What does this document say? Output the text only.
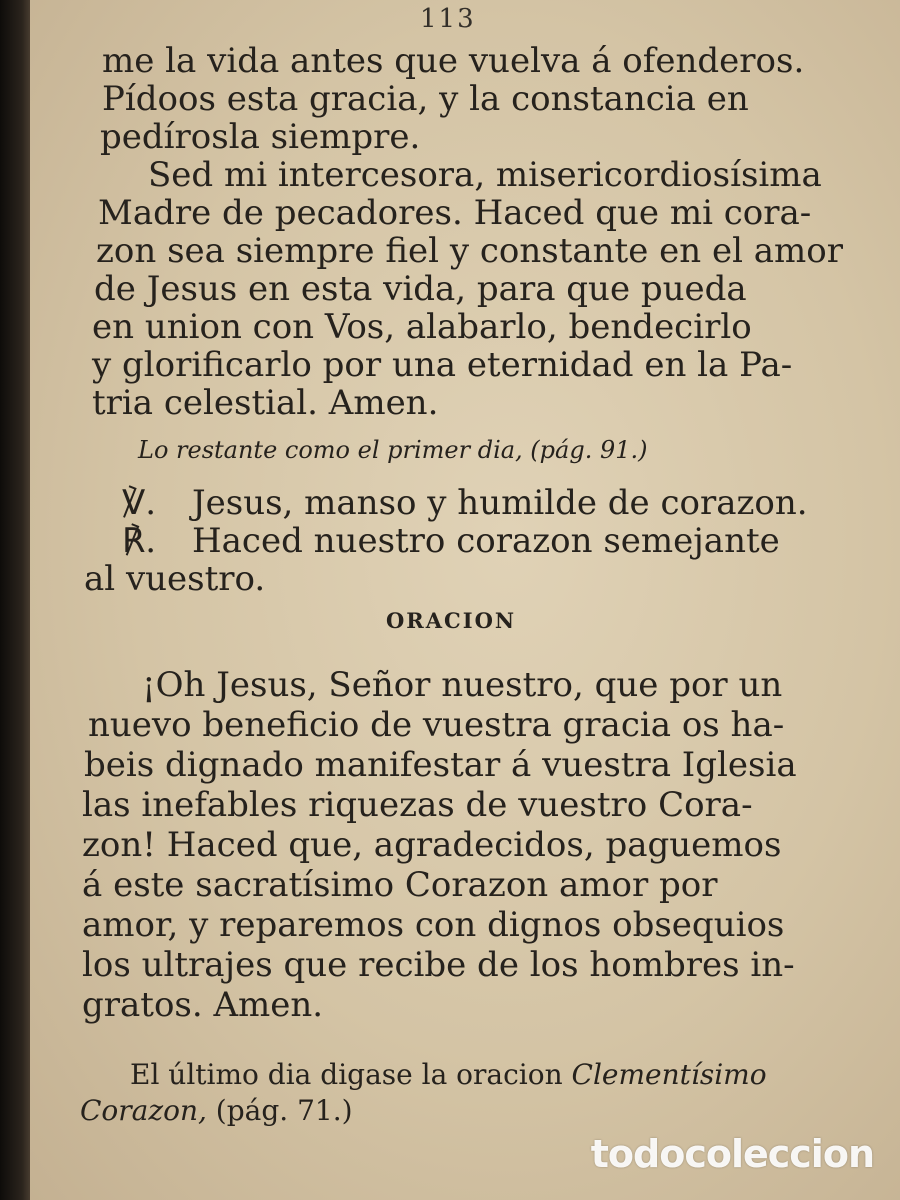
113
me la vida antes que vuelva á ofenderos.
Pídoos esta gracia, y la constancia en
pedírosla siempre.
Sed mi intercesora, misericordiosísima
Madre de pecadores. Haced que mi cora-
zon sea siempre fiel y constante en el amor
de Jesus en esta vida, para que pueda
en union con Vos, alabarlo, bendecirlo
y glorificarlo por una eternidad en la Pa-
tria celestial. Amen.
Lo restante como el primer dia, (pág. 91.)
℣. Jesus, manso y humilde de corazon.
℟. Haced nuestro corazon semejante
al vuestro.
ORACION
¡Oh Jesus, Señor nuestro, que por un
nuevo beneficio de vuestra gracia os ha-
beis dignado manifestar á vuestra Iglesia
las inefables riquezas de vuestro Cora-
zon! Haced que, agradecidos, paguemos
á este sacratísimo Corazon amor por
amor, y reparemos con dignos obsequios
los ultrajes que recibe de los hombres in-
gratos. Amen.
El último dia digase la oracion Clementísimo
Corazon, (pág. 71.)
todocoleccion
